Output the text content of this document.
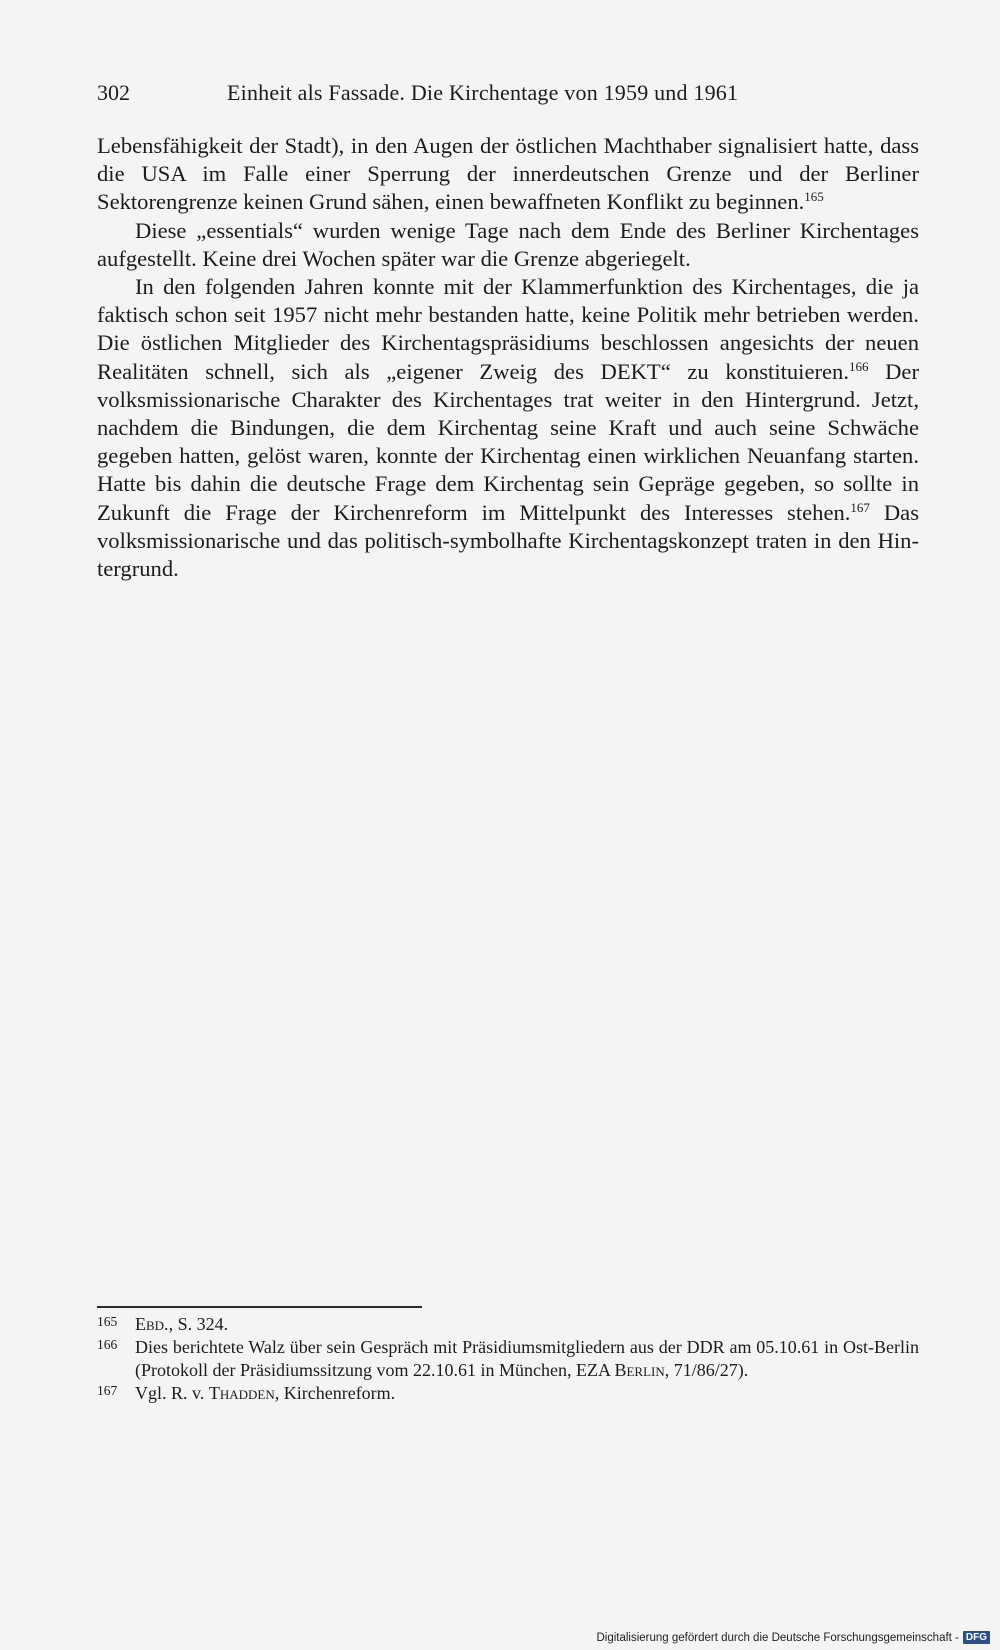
302	Einheit als Fassade. Die Kirchentage von 1959 und 1961

Lebensfähigkeit der Stadt), in den Augen der östlichen Machthaber signalisiert hatte, dass die USA im Falle einer Sperrung der innerdeutschen Grenze und der Berliner Sektorengrenze keinen Grund sähen, einen bewaffneten Konflikt zu beginnen.$^{165}$

Diese „essentials“ wurden wenige Tage nach dem Ende des Berliner Kirchentages aufgestellt. Keine drei Wochen später war die Grenze abgeriegelt.

In den folgenden Jahren konnte mit der Klammerfunktion des Kirchentages, die ja faktisch schon seit 1957 nicht mehr bestanden hatte, keine Politik mehr betrieben werden. Die östlichen Mitglieder des Kirchentagspräsidiums beschlossen angesichts der neuen Realitäten schnell, sich als „eigener Zweig des DEKT“ zu konstituieren.$^{166}$ Der volksmissionarische Charakter des Kirchentages trat weiter in den Hintergrund. Jetzt, nachdem die Bindungen, die dem Kirchentag seine Kraft und auch seine Schwäche gegeben hatten, gelöst waren, konnte der Kirchentag einen wirklichen Neuanfang starten. Hatte bis dahin die deutsche Frage dem Kirchentag sein Gepräge gegeben, so sollte in Zukunft die Frage der Kirchenreform im Mittelpunkt des Interesses stehen.$^{167}$ Das volksmissionarische und das politisch-symbolhafte Kirchentagskonzept traten in den Hintergrund.

165 Ebd., S. 324.
166 Dies berichtete Walz über sein Gespräch mit Präsidiumsmitgliedern aus der DDR am 05.10.61 in Ost-Berlin (Protokoll der Präsidiumssitzung vom 22.10.61 in München, EZA Berlin, 71/86/27).
167 Vgl. R. v. Thadden, Kirchenreform.
Digitalisierung gefördert durch die Deutsche Forschungsgemeinschaft - DFG
